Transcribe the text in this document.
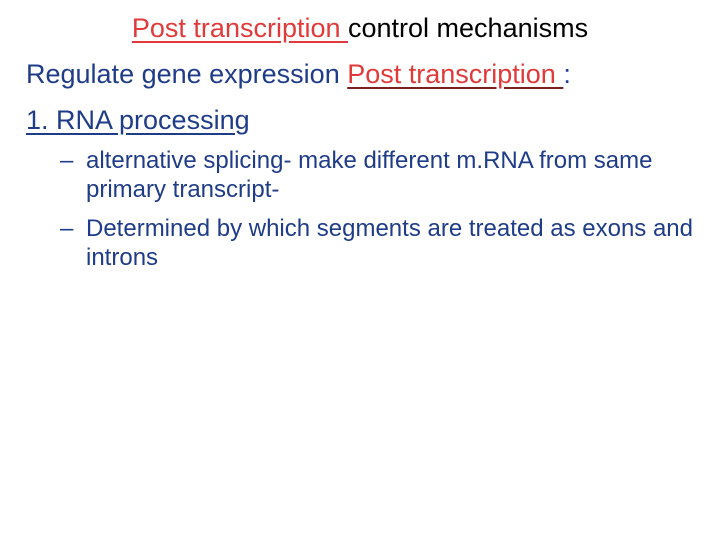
Post transcription control mechanisms
Regulate gene expression Post transcription :
1. RNA processing
– alternative splicing- make different m.RNA from same primary transcript-
– Determined by which segments are treated as exons and introns
